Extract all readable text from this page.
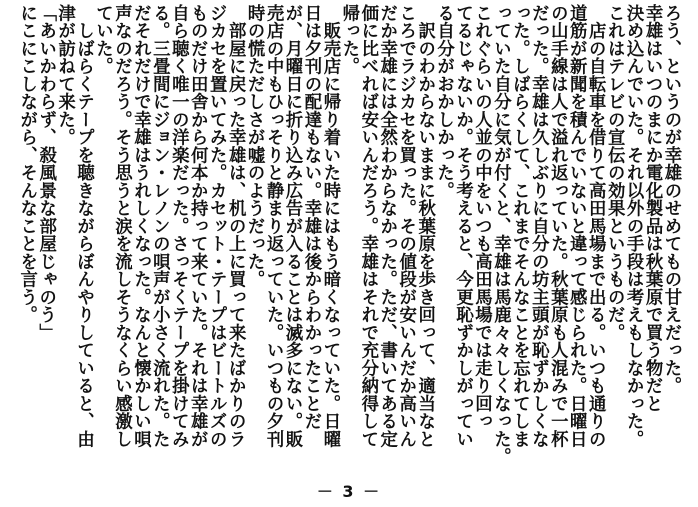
ろう、というのが幸雄のせめてもの甘えだった。
幸雄はいつのまにか電化製品は秋葉原で買う物だと
決め込んでいた。それ以外の手段は考えもしなかった。
これはテレビの宣伝の効果というものだ。
　店の自転車を借りて高田馬場まで出る。いつも通りの
道筋が新聞を積んでいないと違って感じられた。日曜日
の山手線は人で溢れ返っていた。秋葉原も人混みで一杯
だった。幸雄は久しぶりに自分の坊主頭が恥ずかしくな
った。しばらくして、これまでそんなことを忘れてしま
っていた自分に気が付くと、幸雄は馬鹿々々しくなった。
これぐらいの人並の中をいつも高田馬場では走り回っ
てるじゃないか。そう考えると、今更恥ずかしがってい
る自分がおかしかった。
　訳のわからないままに秋葉原を歩き回って、適当なと
ころでラジカセを買った。その値段が安いんだか高いん
だか幸雄には全然わからなかった。ただ、書いてある定
価に比べれば安いんだろう。幸雄はそれで充分納得して
帰った。
　販売店に帰り着いた時にはもう暗くなっていた。日曜
日は夕刊の配達もない。幸雄は後からわかったことだ
が、月曜日に折り込み広告が入ることは滅多にない。販
売店の中もひっそりと静まり返っていた。いつもの夕刊
時の慌ただしさが嘘のようだった。
　部屋に戻った幸雄は、机の上に買って来たばかりのラ
ジカセを置いてみた。カセット・テープはビートルズの
ものだけ田舎から何本か持って来ていた。それは幸雄が
自ら聴く唯一の洋楽だった。さっそくテープを掛けてみ
る。三畳間にジョン・レノンの唄声が小さく流れた。た
だそれだけで幸雄はうれしくなった。なんと懐かしい唄
声なのだろう。そう思うと涙を流しそうなくらい感激し
ていた。
　しばらくテープを聴きながらぼんやりしていると、由
津が訪ねて来た。
「あいかわらず、殺風景な部屋じゃのう」
にこにこしながら、そんなことを言う。
－ 3 －
